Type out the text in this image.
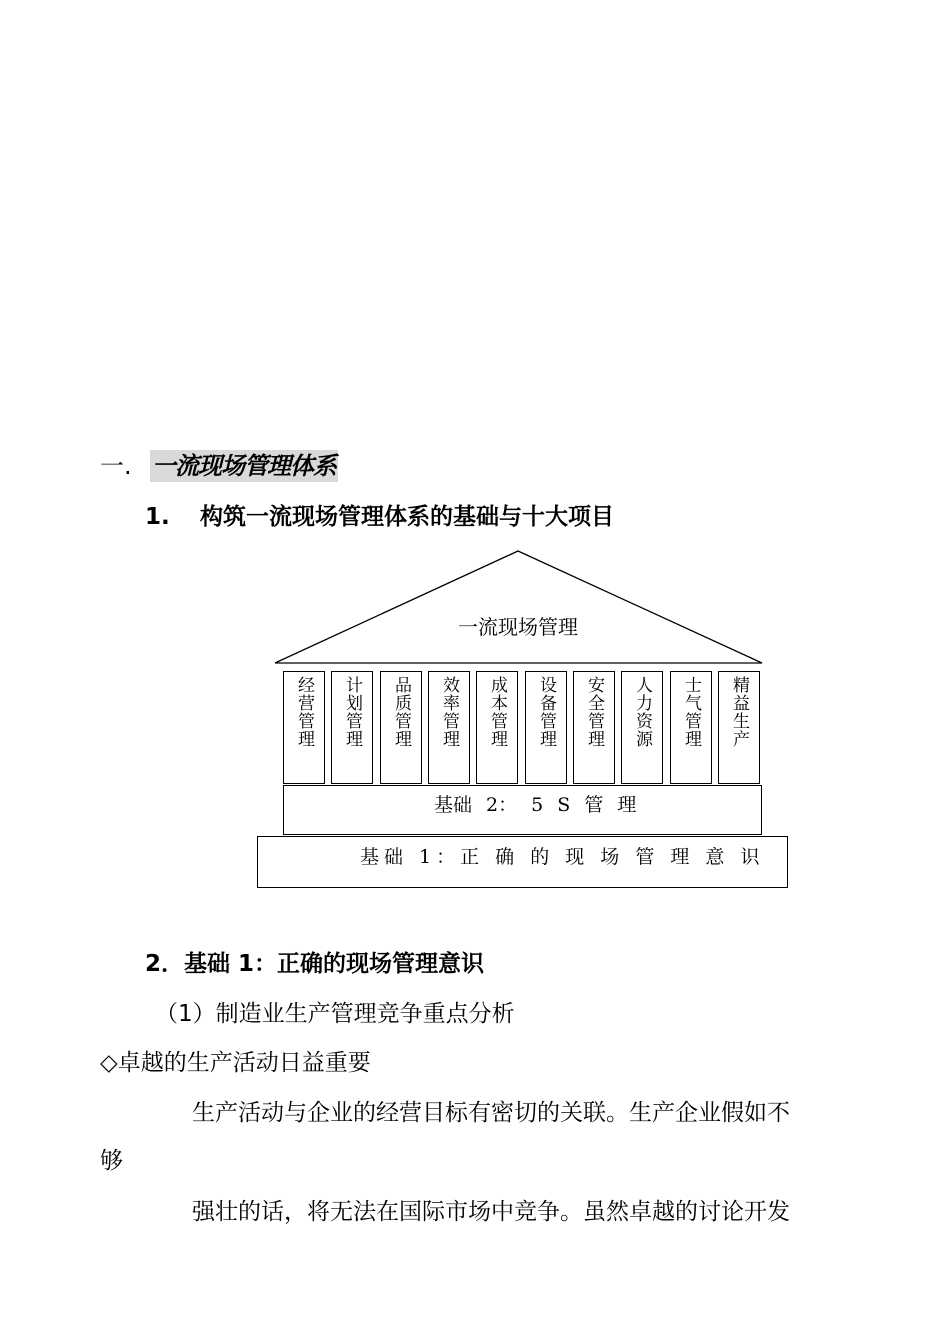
一. 一流现场管理体系
1. 构筑一流现场管理体系的基础与十大项目
一流现场管理
经营管理	计划管理	品质管理	效率管理	成本管理	设备管理	安全管理	人力资源	士气管理	精益生产
基础 2： 5 S 管 理
基础 1：正 确 的 现 场 管 理 意 识
2．基础 1：正确的现场管理意识
（1）制造业生产管理竞争重点分析
◇卓越的生产活动日益重要
生产活动与企业的经营目标有密切的关联。生产企业假如不
够
强壮的话，将无法在国际市场中竞争。虽然卓越的讨论开发
